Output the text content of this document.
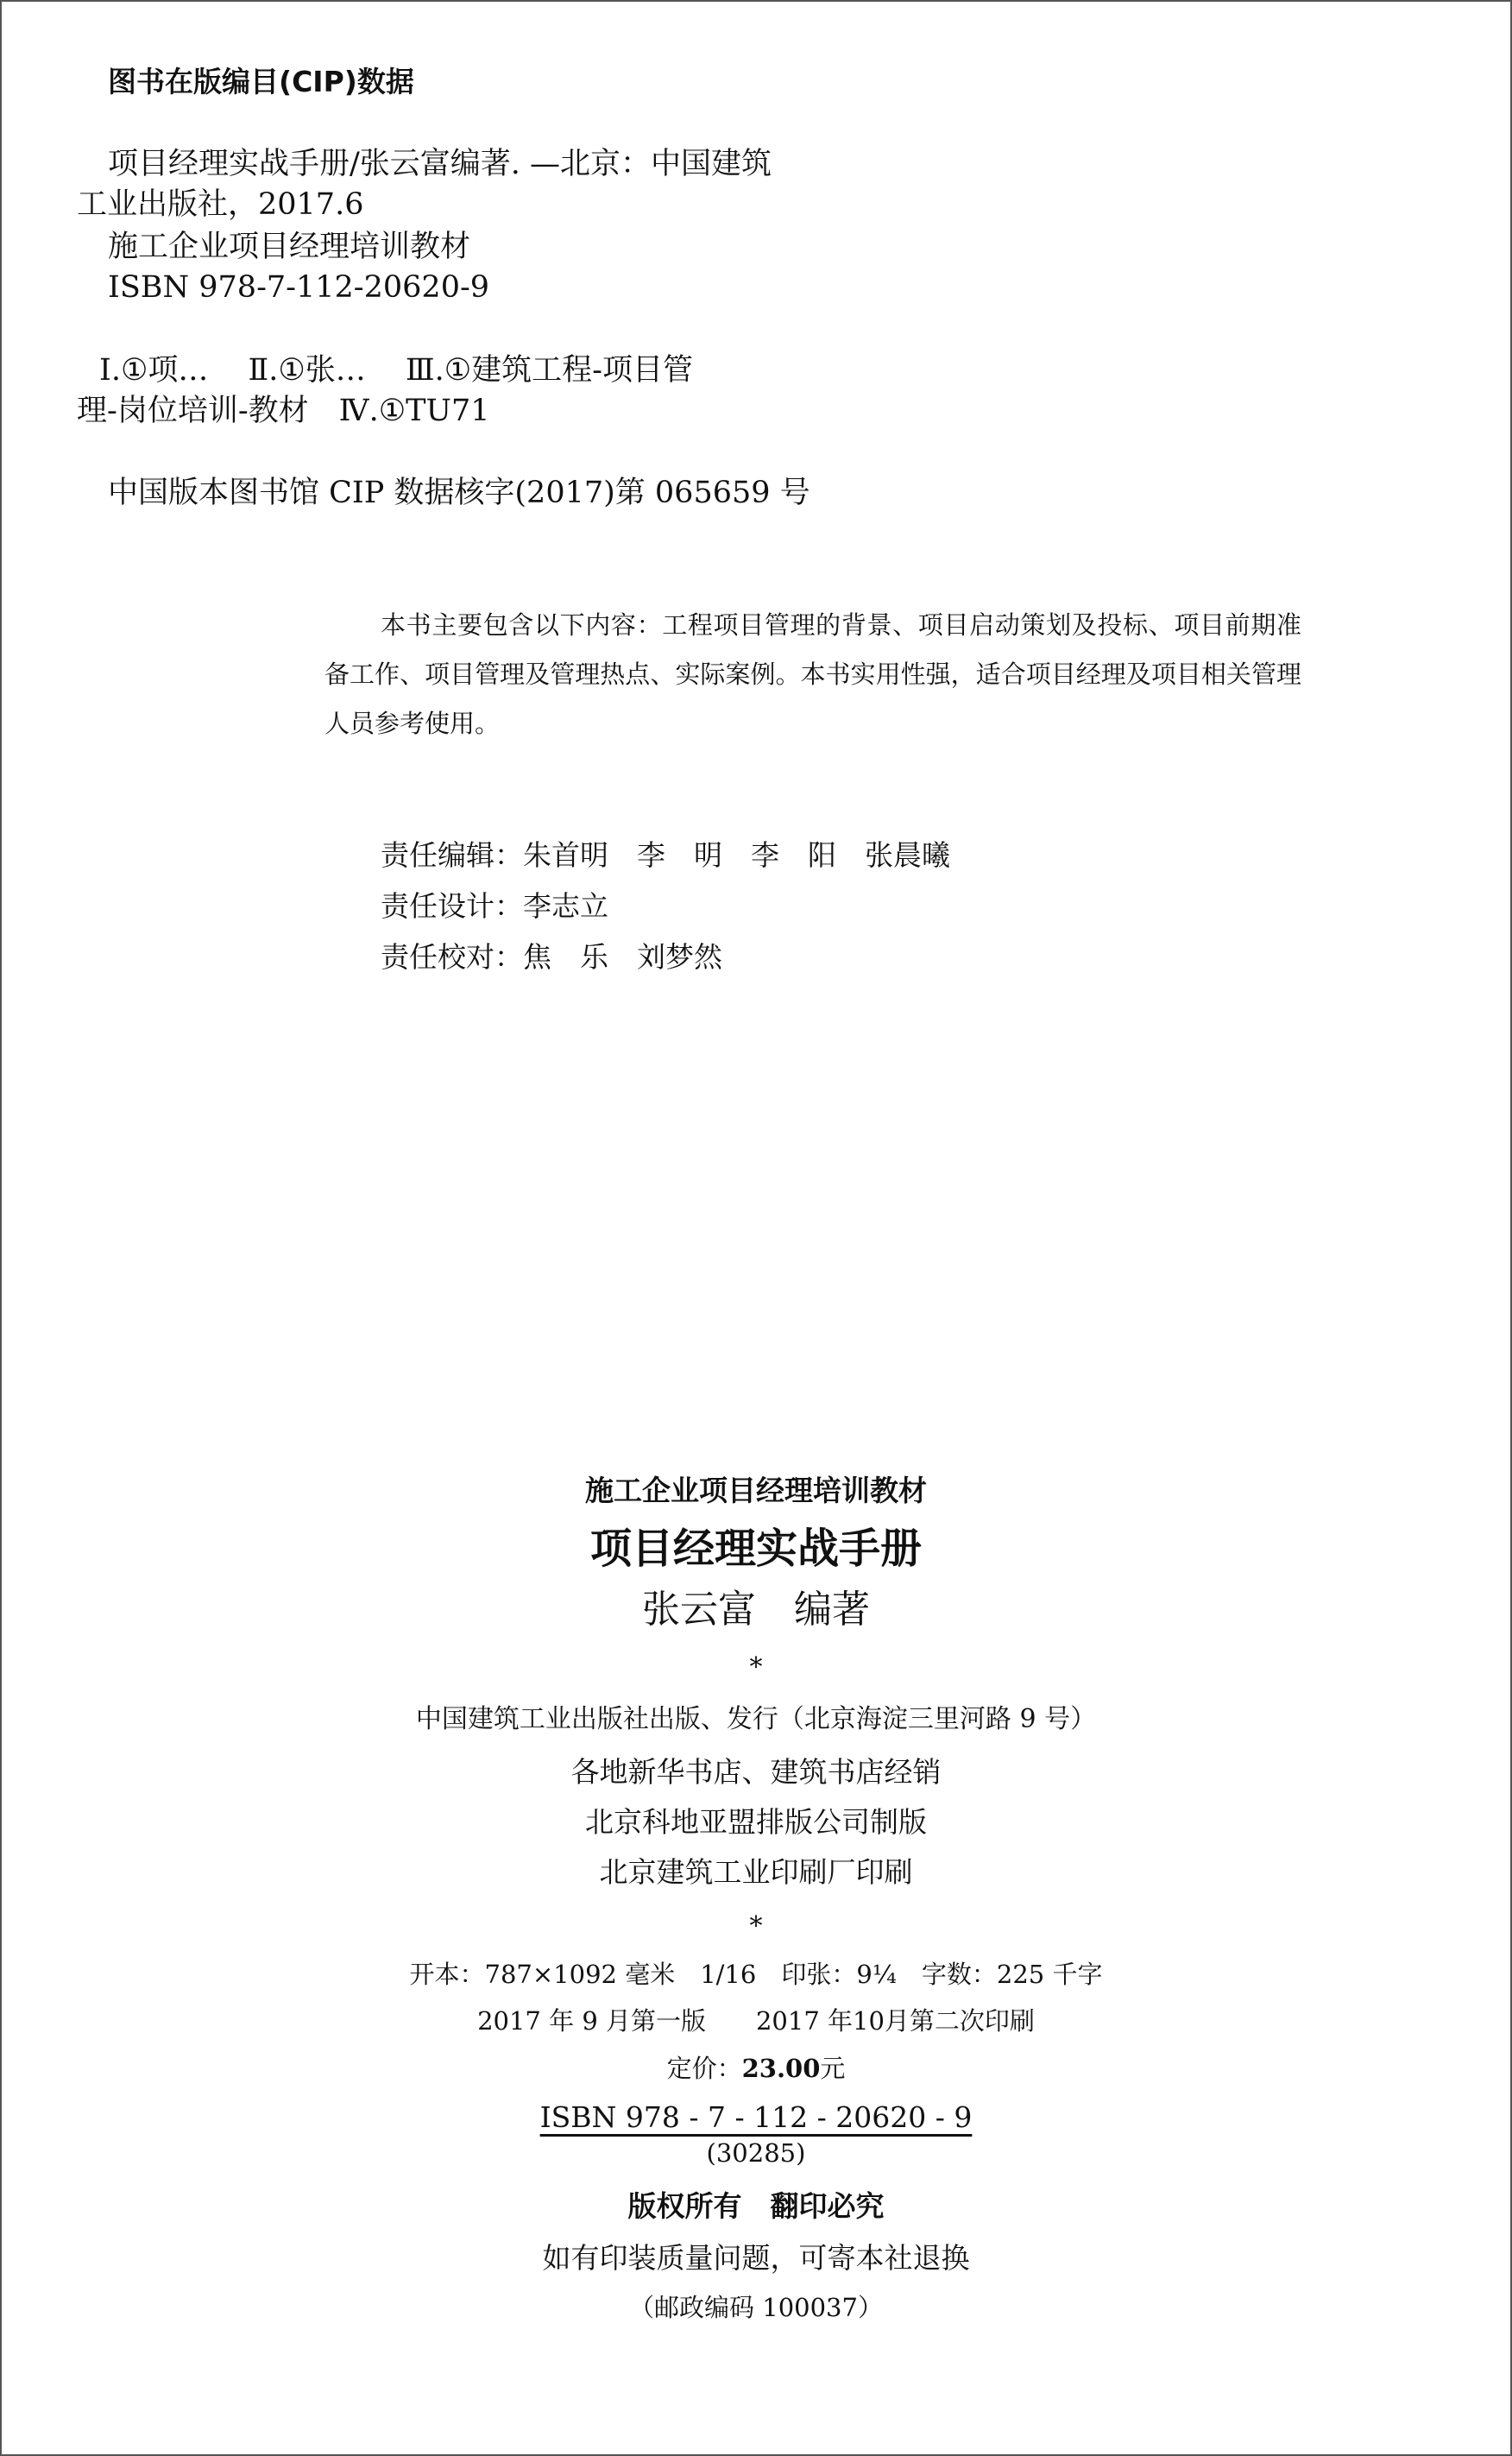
图书在版编目(CIP)数据
项目经理实战手册/张云富编著. —北京：中国建筑
工业出版社，2017.6
施工企业项目经理培训教材
ISBN 978-7-112-20620-9
Ⅰ.①项…　 Ⅱ.①张…　 Ⅲ.①建筑工程-项目管
理-岗位培训-教材　Ⅳ.①TU71
中国版本图书馆 CIP 数据核字(2017)第 065659 号
本书主要包含以下内容：工程项目管理的背景、项目启动策划及投标、项目前期准备工作、项目管理及管理热点、实际案例。本书实用性强，适合项目经理及项目相关管理人员参考使用。
责任编辑：朱首明　李　明　李　阳　张晨曦
责任设计：李志立
责任校对：焦　乐　刘梦然
施工企业项目经理培训教材
项目经理实战手册
张云富　编著
*
中国建筑工业出版社出版、发行（北京海淀三里河路 9 号）
各地新华书店、建筑书店经销
北京科地亚盟排版公司制版
北京建筑工业印刷厂印刷
*
开本：787×1092 毫米　1/16　印张：9¼　字数：225 千字
2017 年 9 月第一版　　2017 年10月第二次印刷
定价：23.00元
ISBN 978 - 7 - 112 - 20620 - 9
(30285)
版权所有　翻印必究
如有印装质量问题，可寄本社退换
（邮政编码 100037）
